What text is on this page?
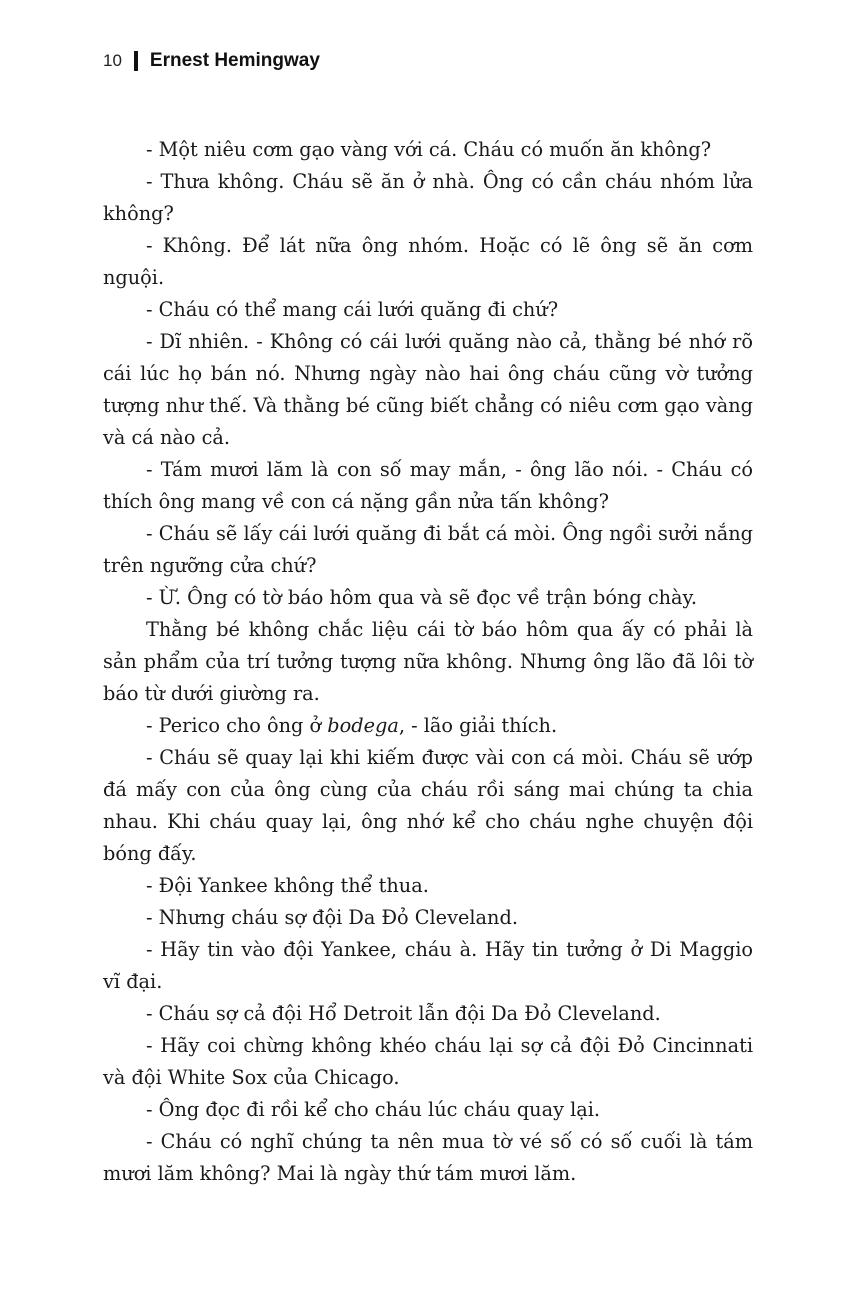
10 Ernest Hemingway

- Một niêu cơm gạo vàng với cá. Cháu có muốn ăn không?

- Thưa không. Cháu sẽ ăn ở nhà. Ông có cần cháu nhóm lửa không?

- Không. Để lát nữa ông nhóm. Hoặc có lẽ ông sẽ ăn cơm nguội.

- Cháu có thể mang cái lưới quăng đi chứ?

- Dĩ nhiên. - Không có cái lưới quăng nào cả, thằng bé nhớ rõ cái lúc họ bán nó. Nhưng ngày nào hai ông cháu cũng vờ tưởng tượng như thế. Và thằng bé cũng biết chẳng có niêu cơm gạo vàng và cá nào cả.

- Tám mươi lăm là con số may mắn, - ông lão nói. - Cháu có thích ông mang về con cá nặng gần nửa tấn không?

- Cháu sẽ lấy cái lưới quăng đi bắt cá mòi. Ông ngồi sưởi nắng trên ngưỡng cửa chứ?

- Ừ. Ông có tờ báo hôm qua và sẽ đọc về trận bóng chày.

Thằng bé không chắc liệu cái tờ báo hôm qua ấy có phải là sản phẩm của trí tưởng tượng nữa không. Nhưng ông lão đã lôi tờ báo từ dưới giường ra.

- Perico cho ông ở bodega, - lão giải thích.

- Cháu sẽ quay lại khi kiếm được vài con cá mòi. Cháu sẽ ướp đá mấy con của ông cùng của cháu rồi sáng mai chúng ta chia nhau. Khi cháu quay lại, ông nhớ kể cho cháu nghe chuyện đội bóng đấy.

- Đội Yankee không thể thua.

- Nhưng cháu sợ đội Da Đỏ Cleveland.

- Hãy tin vào đội Yankee, cháu à. Hãy tin tưởng ở Di Maggio vĩ đại.

- Cháu sợ cả đội Hổ Detroit lẫn đội Da Đỏ Cleveland.

- Hãy coi chừng không khéo cháu lại sợ cả đội Đỏ Cincinnati và đội White Sox của Chicago.

- Ông đọc đi rồi kể cho cháu lúc cháu quay lại.

- Cháu có nghĩ chúng ta nên mua tờ vé số có số cuối là tám mươi lăm không? Mai là ngày thứ tám mươi lăm.
